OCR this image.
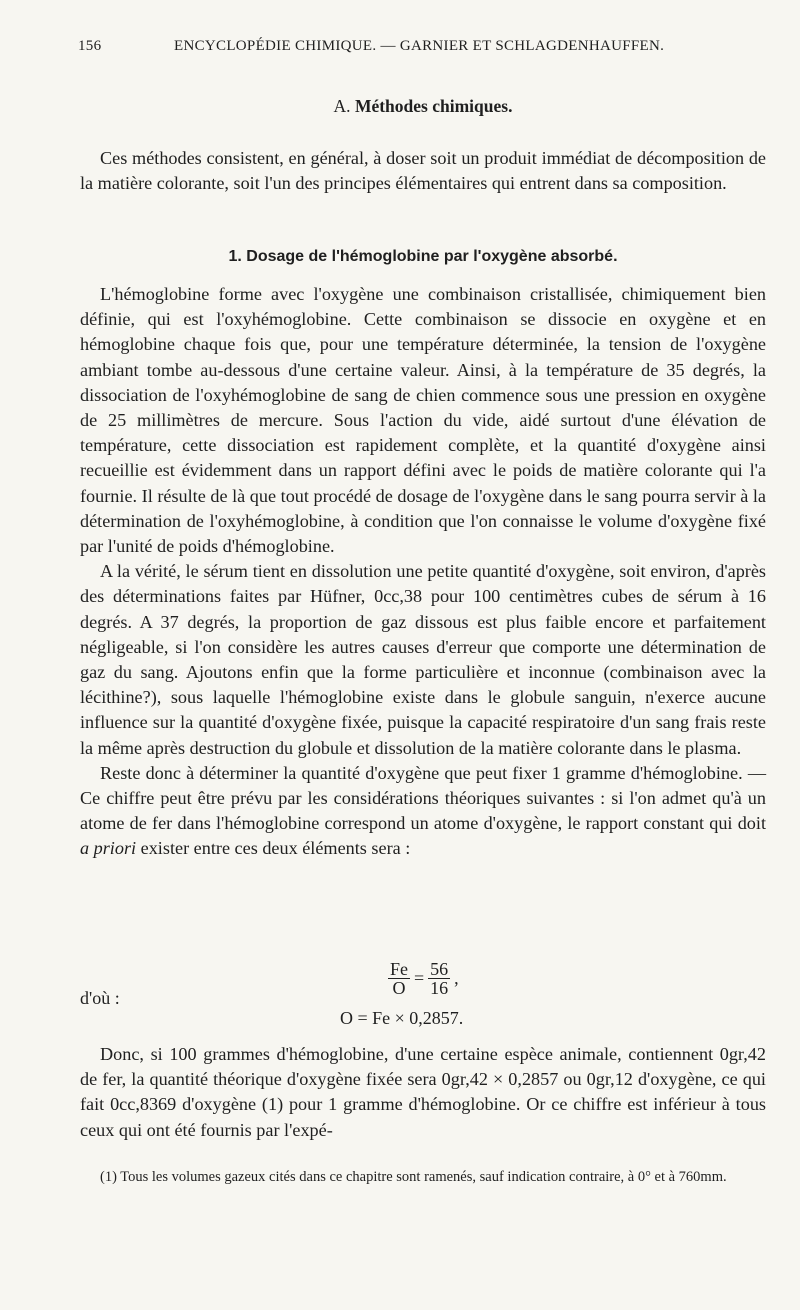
156	ENCYCLOPÉDIE CHIMIQUE. — GARNIER ET SCHLAGDENHAUFFEN.
A. Méthodes chimiques.

Ces méthodes consistent, en général, à doser soit un produit immédiat de décomposition de la matière colorante, soit l'un des principes élémentaires qui entrent dans sa composition.

1. Dosage de l'hémoglobine par l'oxygène absorbé.

L'hémoglobine forme avec l'oxygène une combinaison cristallisée, chimiquement bien définie, qui est l'oxyhémoglobine. Cette combinaison se dissocie en oxygène et en hémoglobine chaque fois que, pour une température déterminée, la tension de l'oxygène ambiant tombe au-dessous d'une certaine valeur. Ainsi, à la température de 35 degrés, la dissociation de l'oxyhémoglobine de sang de chien commence sous une pression en oxygène de 25 millimètres de mercure. Sous l'action du vide, aidé surtout d'une élévation de température, cette dissociation est rapidement complète, et la quantité d'oxygène ainsi recueillie est évidemment dans un rapport défini avec le poids de matière colorante qui l'a fournie. Il résulte de là que tout procédé de dosage de l'oxygène dans le sang pourra servir à la détermination de l'oxyhémoglobine, à condition que l'on connaisse le volume d'oxygène fixé par l'unité de poids d'hémoglobine.

A la vérité, le sérum tient en dissolution une petite quantité d'oxygène, soit environ, d'après des déterminations faites par Hüfner, 0cc,38 pour 100 centimètres cubes de sérum à 16 degrés. A 37 degrés, la proportion de gaz dissous est plus faible encore et parfaitement négligeable, si l'on considère les autres causes d'erreur que comporte une détermination de gaz du sang. Ajoutons enfin que la forme particulière et inconnue (combinaison avec la lécithine?), sous laquelle l'hémoglobine existe dans le globule sanguin, n'exerce aucune influence sur la quantité d'oxygène fixée, puisque la capacité respiratoire d'un sang frais reste la même après destruction du globule et dissolution de la matière colorante dans le plasma.

Reste donc à déterminer la quantité d'oxygène que peut fixer 1 gramme d'hémoglobine. — Ce chiffre peut être prévu par les considérations théoriques suivantes : si l'on admet qu'à un atome de fer dans l'hémoglobine correspond un atome d'oxygène, le rapport constant qui doit a priori exister entre ces deux éléments sera :

$\frac{Fe}{O} = \frac{56}{16}$ ,
d'où :
O = Fe × 0,2857.

Donc, si 100 grammes d'hémoglobine, d'une certaine espèce animale, contiennent 0gr,42 de fer, la quantité théorique d'oxygène fixée sera 0gr,42 × 0,2857 ou 0gr,12 d'oxygène, ce qui fait 0cc,8369 d'oxygène (1) pour 1 gramme d'hémoglobine. Or ce chiffre est inférieur à tous ceux qui ont été fournis par l'expé-

(1) Tous les volumes gazeux cités dans ce chapitre sont ramenés, sauf indication contraire, à 0° et à 760mm.
